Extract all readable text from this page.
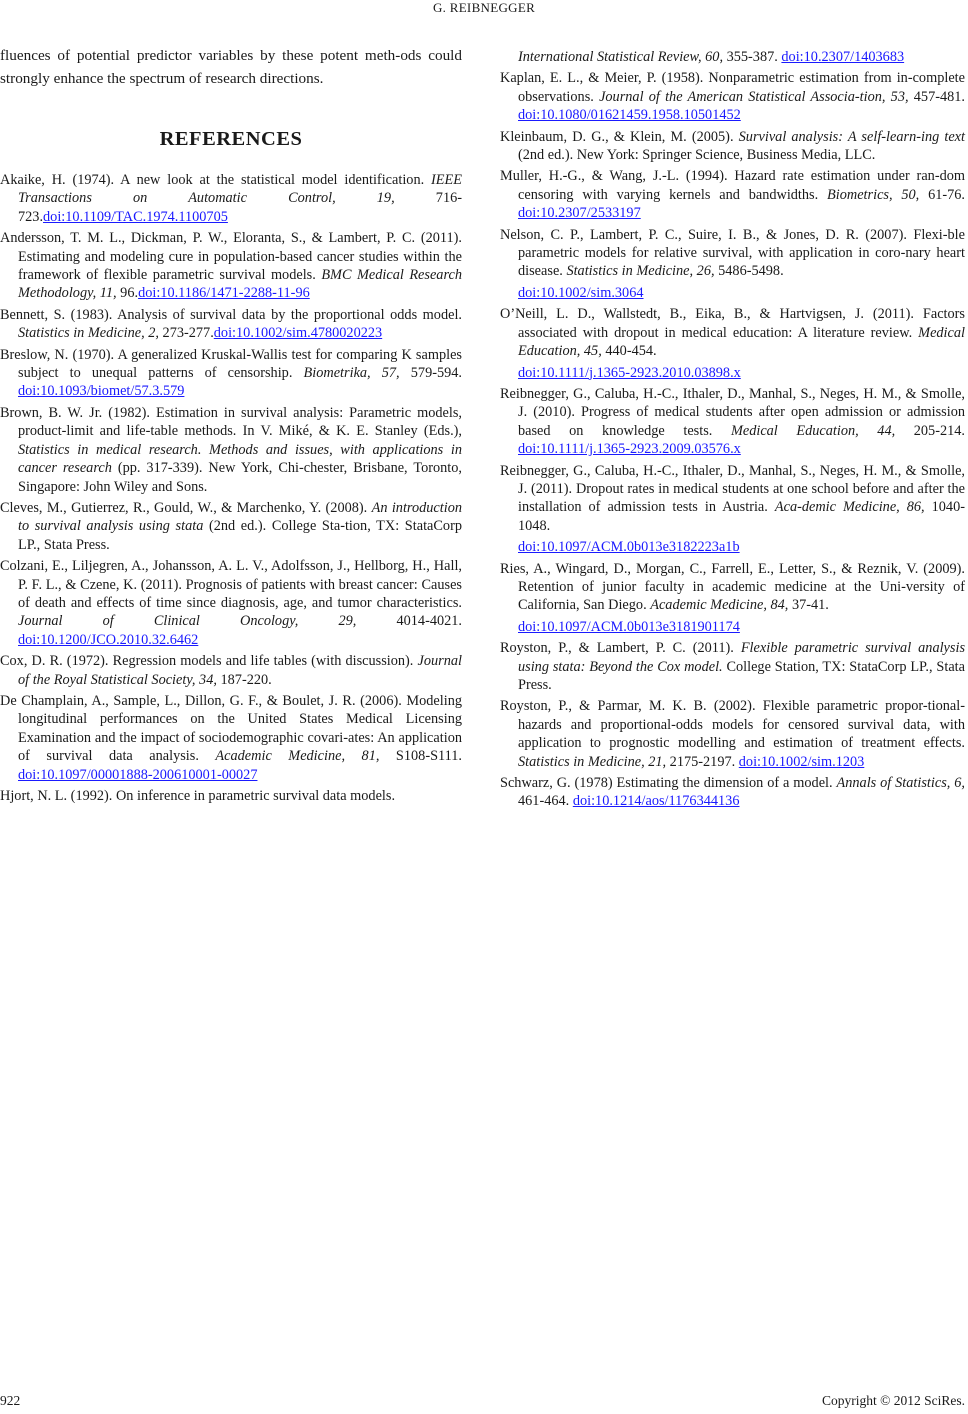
G. REIBNEGGER

fluences of potential predictor variables by these potent meth-ods could strongly enhance the spectrum of research directions.

REFERENCES

Akaike, H. (1974). A new look at the statistical model identification. IEEE Transactions on Automatic Control, 19, 716-723.doi:10.1109/TAC.1974.1100705

Andersson, T. M. L., Dickman, P. W., Eloranta, S., & Lambert, P. C. (2011). Estimating and modeling cure in population-based cancer studies within the framework of flexible parametric survival models. BMC Medical Research Methodology, 11, 96.doi:10.1186/1471-2288-11-96

Bennett, S. (1983). Analysis of survival data by the proportional odds model. Statistics in Medicine, 2, 273-277.doi:10.1002/sim.4780020223

Breslow, N. (1970). A generalized Kruskal-Wallis test for comparing K samples subject to unequal patterns of censorship. Biometrika, 57, 579-594. doi:10.1093/biomet/57.3.579

Brown, B. W. Jr. (1982). Estimation in survival analysis: Parametric models, product-limit and life-table methods. In V. Miké, & K. E. Stanley (Eds.), Statistics in medical research. Methods and issues, with applications in cancer research (pp. 317-339). New York, Chi-chester, Brisbane, Toronto, Singapore: John Wiley and Sons.

Cleves, M., Gutierrez, R., Gould, W., & Marchenko, Y. (2008). An introduction to survival analysis using stata (2nd ed.). College Sta-tion, TX: StataCorp LP., Stata Press.

Colzani, E., Liljegren, A., Johansson, A. L. V., Adolfsson, J., Hellborg, H., Hall, P. F. L., & Czene, K. (2011). Prognosis of patients with breast cancer: Causes of death and effects of time since diagnosis, age, and tumor characteristics. Journal of Clinical Oncology, 29, 4014-4021. doi:10.1200/JCO.2010.32.6462

Cox, D. R. (1972). Regression models and life tables (with discussion). Journal of the Royal Statistical Society, 34, 187-220.

De Champlain, A., Sample, L., Dillon, G. F., & Boulet, J. R. (2006). Modeling longitudinal performances on the United States Medical Licensing Examination and the impact of sociodemographic covari-ates: An application of survival data analysis. Academic Medicine, 81, S108-S111. doi:10.1097/00001888-200610001-00027

Hjort, N. L. (1992). On inference in parametric survival data models.

International Statistical Review, 60, 355-387. doi:10.2307/1403683

Kaplan, E. L., & Meier, P. (1958). Nonparametric estimation from in-complete observations. Journal of the American Statistical Associa-tion, 53, 457-481. doi:10.1080/01621459.1958.10501452

Kleinbaum, D. G., & Klein, M. (2005). Survival analysis: A self-learn-ing text (2nd ed.). New York: Springer Science, Business Media, LLC.

Muller, H.-G., & Wang, J.-L. (1994). Hazard rate estimation under ran-dom censoring with varying kernels and bandwidths. Biometrics, 50, 61-76. doi:10.2307/2533197

Nelson, C. P., Lambert, P. C., Suire, I. B., & Jones, D. R. (2007). Flexi-ble parametric models for relative survival, with application in coro-nary heart disease. Statistics in Medicine, 26, 5486-5498.
doi:10.1002/sim.3064

O’Neill, L. D., Wallstedt, B., Eika, B., & Hartvigsen, J. (2011). Factors associated with dropout in medical education: A literature review. Medical Education, 45, 440-454.
doi:10.1111/j.1365-2923.2010.03898.x

Reibnegger, G., Caluba, H.-C., Ithaler, D., Manhal, S., Neges, H. M., & Smolle, J. (2010). Progress of medical students after open admission or admission based on knowledge tests. Medical Education, 44, 205-214. doi:10.1111/j.1365-2923.2009.03576.x

Reibnegger, G., Caluba, H.-C., Ithaler, D., Manhal, S., Neges, H. M., & Smolle, J. (2011). Dropout rates in medical students at one school before and after the installation of admission tests in Austria. Aca-demic Medicine, 86, 1040-1048.
doi:10.1097/ACM.0b013e3182223a1b

Ries, A., Wingard, D., Morgan, C., Farrell, E., Letter, S., & Reznik, V. (2009). Retention of junior faculty in academic medicine at the Uni-versity of California, San Diego. Academic Medicine, 84, 37-41.
doi:10.1097/ACM.0b013e3181901174

Royston, P., & Lambert, P. C. (2011). Flexible parametric survival analysis using stata: Beyond the Cox model. College Station, TX: StataCorp LP., Stata Press.

Royston, P., & Parmar, M. K. B. (2002). Flexible parametric propor-tional-hazards and proportional-odds models for censored survival data, with application to prognostic modelling and estimation of treatment effects. Statistics in Medicine, 21, 2175-2197. doi:10.1002/sim.1203

Schwarz, G. (1978) Estimating the dimension of a model. Annals of Statistics, 6, 461-464. doi:10.1214/aos/1176344136

922	Copyright © 2012 SciRes.
